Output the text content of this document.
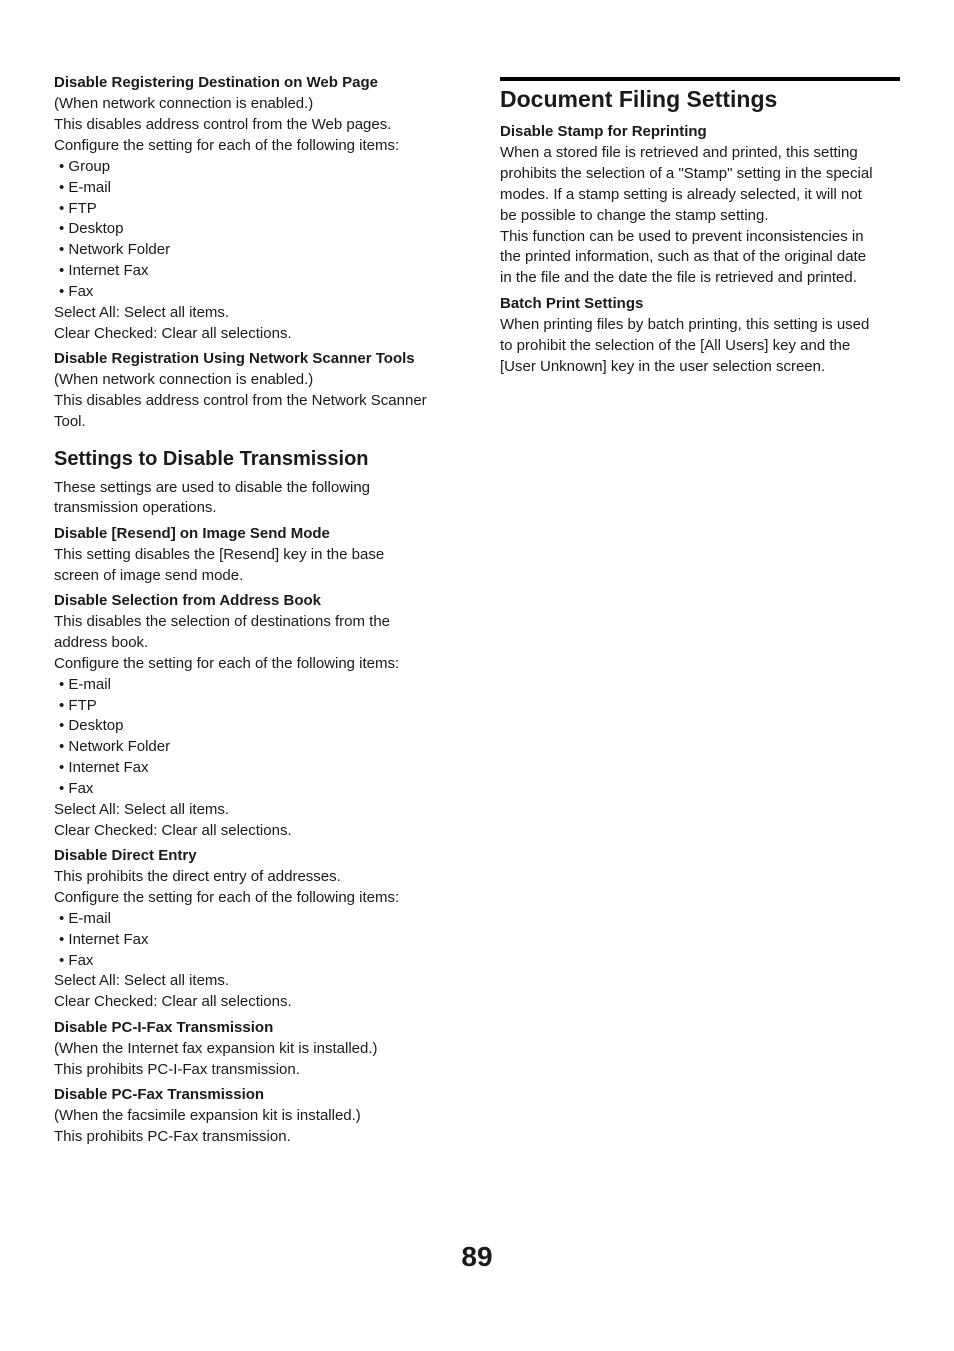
Disable Registering Destination on Web Page
(When network connection is enabled.)
This disables address control from the Web pages.
Configure the setting for each of the following items:
• Group
• E-mail
• FTP
• Desktop
• Network Folder
• Internet Fax
• Fax
Select All: Select all items.
Clear Checked: Clear all selections.
Disable Registration Using Network Scanner Tools
(When network connection is enabled.)
This disables address control from the Network Scanner
Tool.
Settings to Disable Transmission
These settings are used to disable the following
transmission operations.
Disable [Resend] on Image Send Mode
This setting disables the [Resend] key in the base
screen of image send mode.
Disable Selection from Address Book
This disables the selection of destinations from the
address book.
Configure the setting for each of the following items:
• E-mail
• FTP
• Desktop
• Network Folder
• Internet Fax
• Fax
Select All: Select all items.
Clear Checked: Clear all selections.
Disable Direct Entry
This prohibits the direct entry of addresses.
Configure the setting for each of the following items:
• E-mail
• Internet Fax
• Fax
Select All: Select all items.
Clear Checked: Clear all selections.
Disable PC-I-Fax Transmission
(When the Internet fax expansion kit is installed.)
This prohibits PC-I-Fax transmission.
Disable PC-Fax Transmission
(When the facsimile expansion kit is installed.)
This prohibits PC-Fax transmission.
Document Filing Settings
Disable Stamp for Reprinting
When a stored file is retrieved and printed, this setting
prohibits the selection of a "Stamp" setting in the special
modes. If a stamp setting is already selected, it will not
be possible to change the stamp setting.
This function can be used to prevent inconsistencies in
the printed information, such as that of the original date
in the file and the date the file is retrieved and printed.
Batch Print Settings
When printing files by batch printing, this setting is used
to prohibit the selection of the [All Users] key and the
[User Unknown] key in the user selection screen.
89
